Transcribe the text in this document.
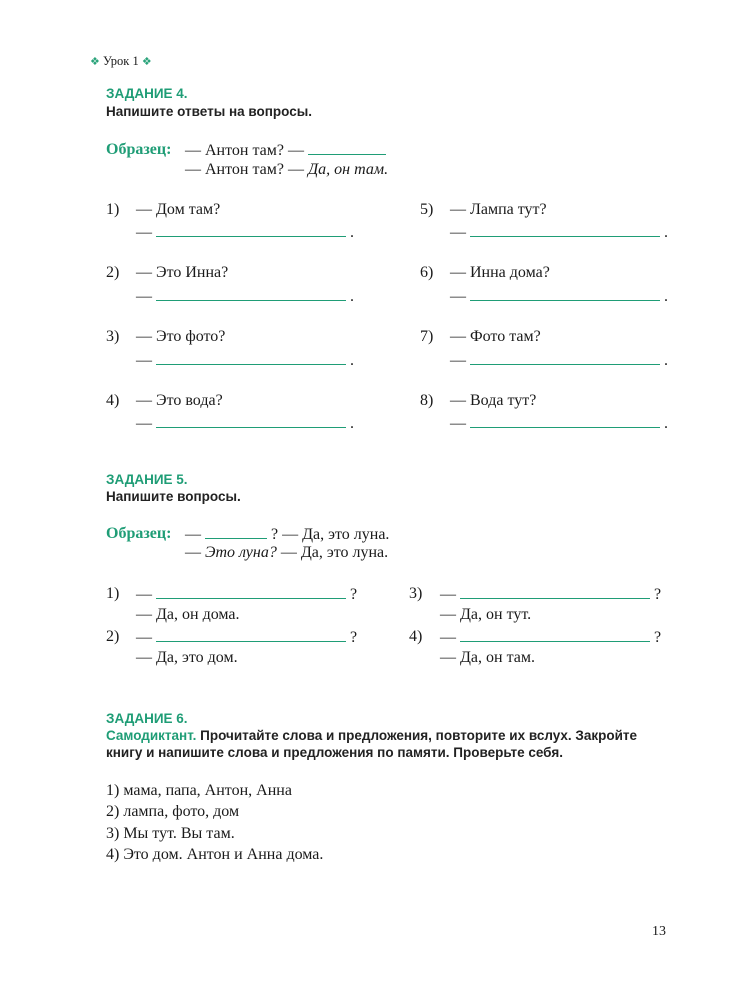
❖ Урок 1 ❖
ЗАДАНИЕ 4.
Напишите ответы на вопросы.
Образец: — Антон там? —
— Антон там? — Да, он там.
1) — Дом там?
—	.
2) — Это Инна?
—	.
3) — Это фото?
—	.
4) — Это вода?
—	.
5) — Лампа тут?
—	.
6) — Инна дома?
—	.
7) — Фото там?
—	.
8) — Вода тут?
—	.
ЗАДАНИЕ 5.
Напишите вопросы.
Образец: —	? — Да, это луна.
— Это луна? — Да, это луна.
1) —	?
— Да, он дома.
2) —	?
— Да, это дом.
3) —	?
— Да, он тут.
4) —	?
— Да, он там.
ЗАДАНИЕ 6.
Самодиктант. Прочитайте слова и предложения, повторите их вслух. Закройте
книгу и напишите слова и предложения по памяти. Проверьте себя.
1) мама, папа, Антон, Анна
2) лампа, фото, дом
3) Мы тут. Вы там.
4) Это дом. Антон и Анна дома.
13
